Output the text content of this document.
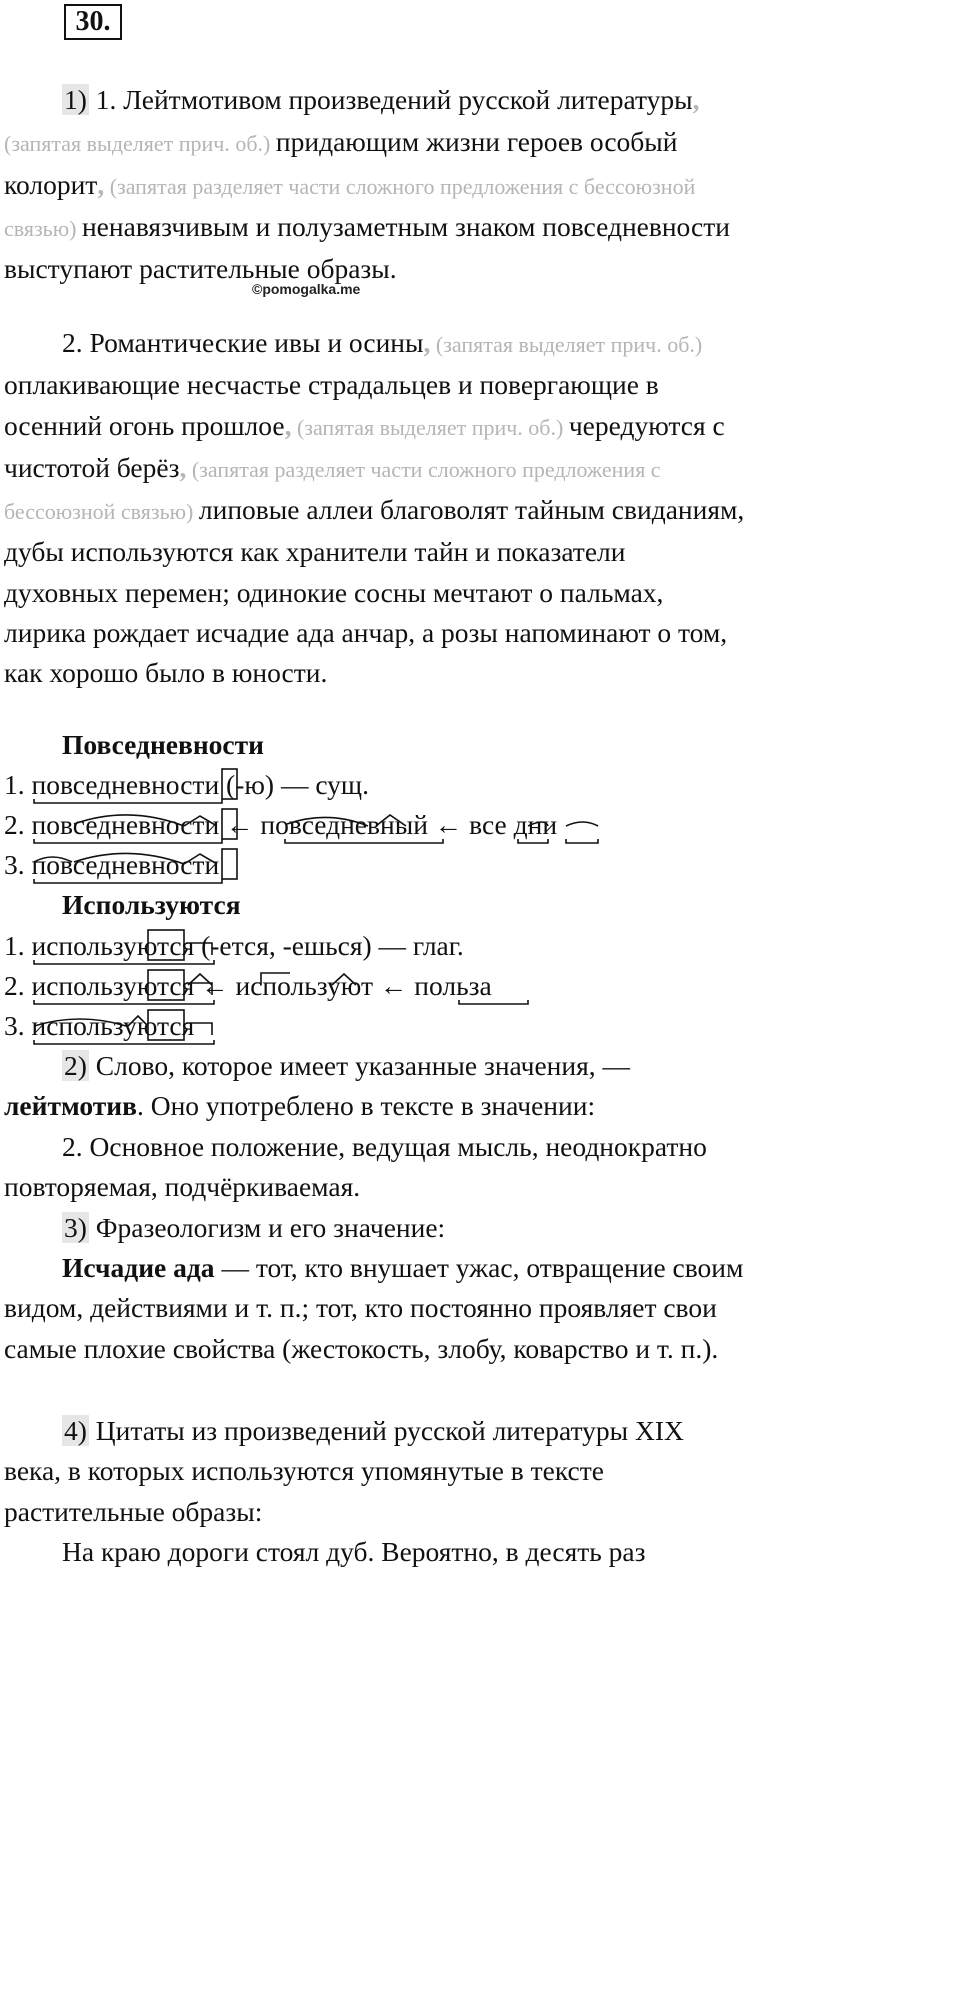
30.

1) 1. Лейтмотивом произведений русской литературы, (запятая выделяет прич. об.) придающим жизни героев особый колорит, (запятая разделяет части сложного предложения с бессоюзной связью) ненавязчивым и полузаметным знаком повседневности выступают растительные образы.

©pomogalka.me

2. Романтические ивы и осины, (запятая выделяет прич. об.) оплакивающие несчастье страдальцев и повергающие в осенний огонь прошлое, (запятая выделяет прич. об.) чередуются с чистотой берёз, (запятая разделяет части сложного предложения с бессоюзной связью) липовые аллеи благоволят тайным свиданиям, дубы используются как хранители тайн и показатели духовных перемен; одинокие сосны мечтают о пальмах, лирика рождает исчадие ада анчар, а розы напоминают о том, как хорошо было в юности.

Повседневности
1. повседневности (-ю) — сущ.
2. повседневности ← повседневный ← все дни
3. повседневности
Используются
1. используются (-ется, -ешься) — глаг.
2. используются ← используют ← польза
3. используются

2) Слово, которое имеет указанные значения, — лейтмотив. Оно употреблено в тексте в значении:

2. Основное положение, ведущая мысль, неоднократно повторяемая, подчёркиваемая.

3) Фразеологизм и его значение:

Исчадие ада — тот, кто внушает ужас, отвращение своим видом, действиями и т. п.; тот, кто постоянно проявляет свои самые плохие свойства (жестокость, злобу, коварство и т. п.).

4) Цитаты из произведений русской литературы XIX века, в которых используются упомянутые в тексте растительные образы:

На краю дороги стоял дуб. Вероятно, в десять раз
